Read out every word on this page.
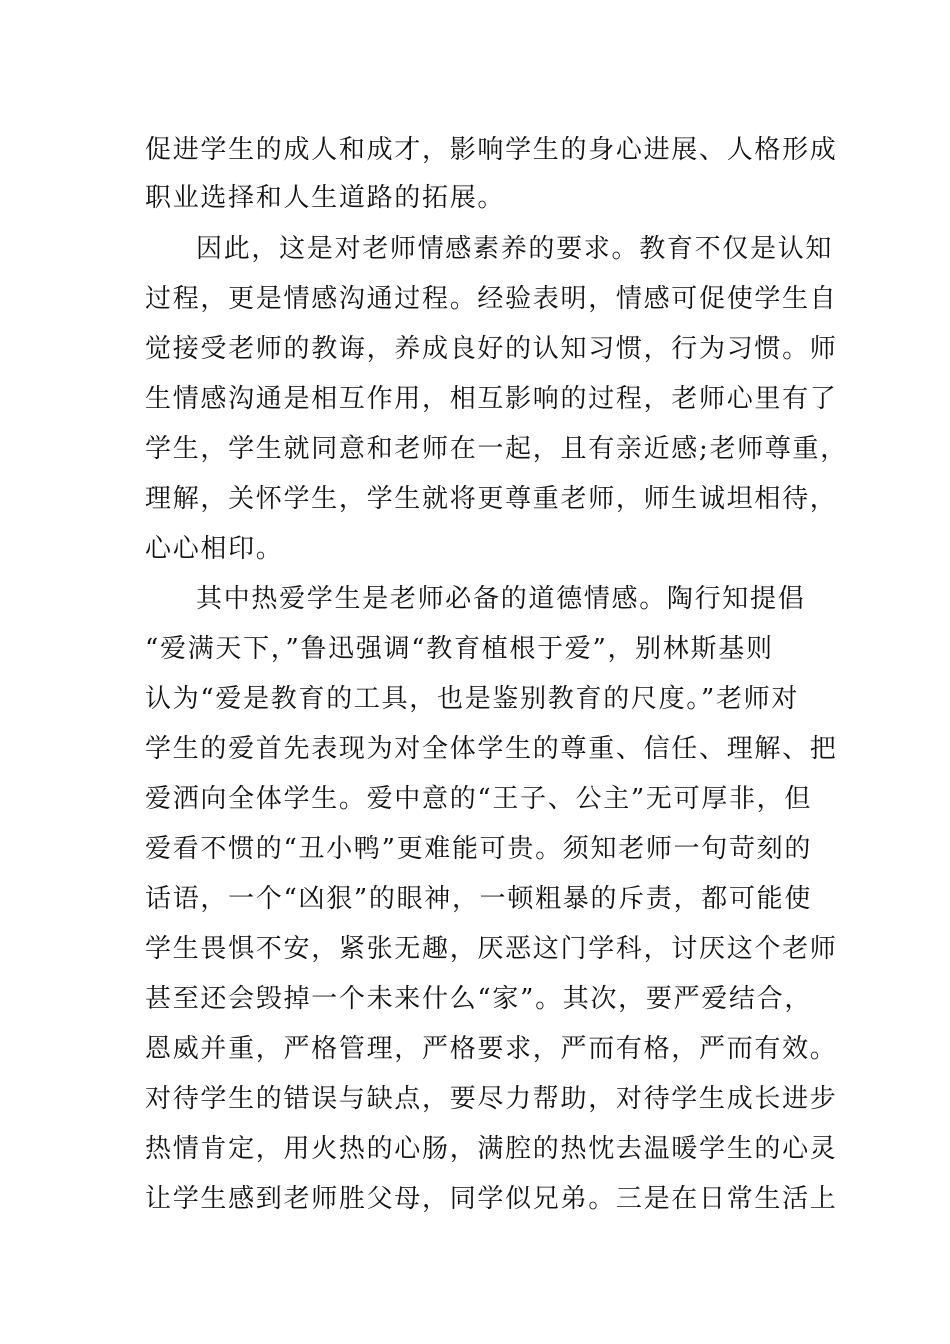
促进学生的成人和成才，影响学生的身心进展、人格形成
职业选择和人生道路的拓展。
因此，这是对老师情感素养的要求。教育不仅是认知
过程，更是情感沟通过程。经验表明，情感可促使学生自
觉接受老师的教诲，养成良好的认知习惯，行为习惯。师
生情感沟通是相互作用，相互影响的过程，老师心里有了
学生，学生就同意和老师在一起，且有亲近感;老师尊重，
理解，关怀学生，学生就将更尊重老师，师生诚坦相待，
心心相印。
其中热爱学生是老师必备的道德情感。陶行知提倡
“爱满天下，”鲁迅强调“教育植根于爱”，别林斯基则
认为“爱是教育的工具，也是鉴别教育的尺度。”老师对
学生的爱首先表现为对全体学生的尊重、信任、理解、把
爱洒向全体学生。爱中意的“王子、公主”无可厚非，但
爱看不惯的“丑小鸭”更难能可贵。须知老师一句苛刻的
话语，一个“凶狠”的眼神，一顿粗暴的斥责，都可能使
学生畏惧不安，紧张无趣，厌恶这门学科，讨厌这个老师
甚至还会毁掉一个未来什么“家”。其次，要严爱结合，
恩威并重，严格管理，严格要求，严而有格，严而有效。
对待学生的错误与缺点，要尽力帮助，对待学生成长进步
热情肯定，用火热的心肠，满腔的热忱去温暖学生的心灵
让学生感到老师胜父母，同学似兄弟。三是在日常生活上
